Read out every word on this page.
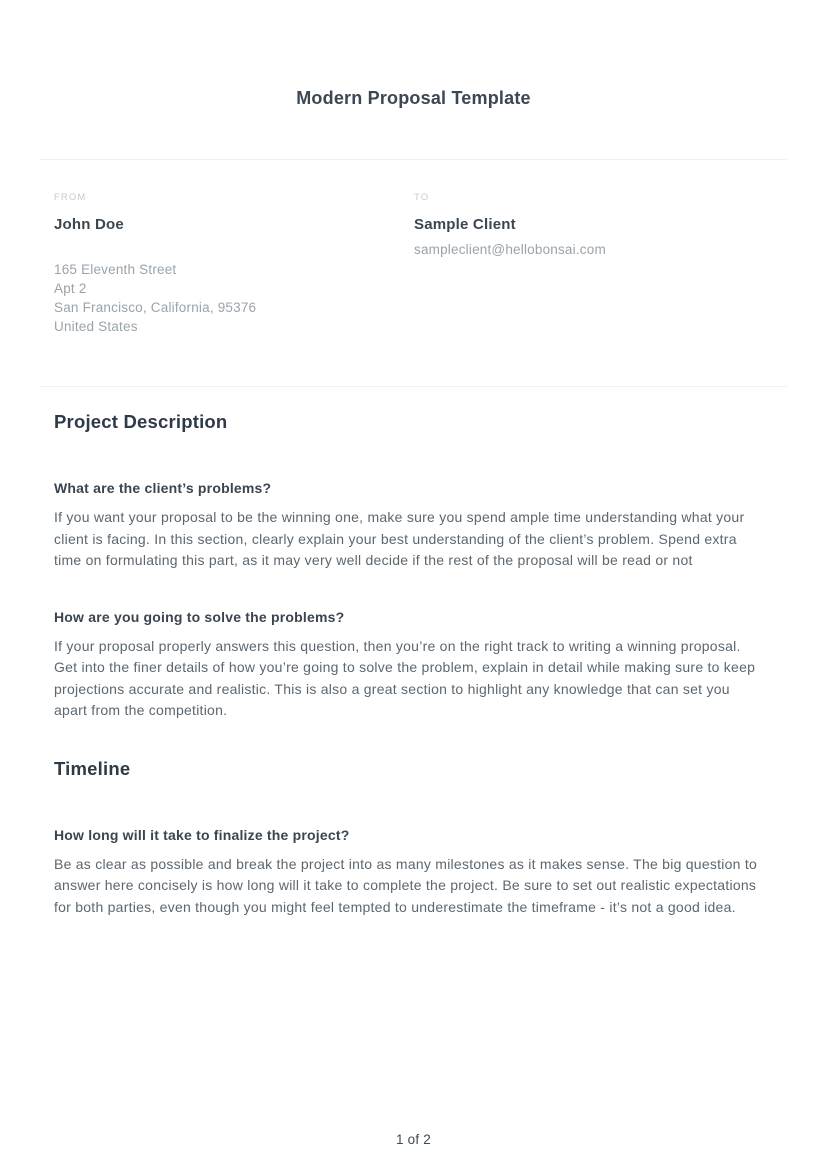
Modern Proposal Template
FROM
John Doe
165 Eleventh Street
Apt 2
San Francisco, California, 95376
United States
TO
Sample Client
sampleclient@hellobonsai.com
Project Description
What are the client’s problems?
If you want your proposal to be the winning one, make sure you spend ample time understanding what your client is facing. In this section, clearly explain your best understanding of the client’s problem. Spend extra time on formulating this part, as it may very well decide if the rest of the proposal will be read or not
How are you going to solve the problems?
If your proposal properly answers this question, then you’re on the right track to writing a winning proposal. Get into the finer details of how you’re going to solve the problem, explain in detail while making sure to keep projections accurate and realistic. This is also a great section to highlight any knowledge that can set you apart from the competition.
Timeline
How long will it take to finalize the project?
Be as clear as possible and break the project into as many milestones as it makes sense. The big question to answer here concisely is how long will it take to complete the project. Be sure to set out realistic expectations for both parties, even though you might feel tempted to underestimate the timeframe - it’s not a good idea.
1 of 2
